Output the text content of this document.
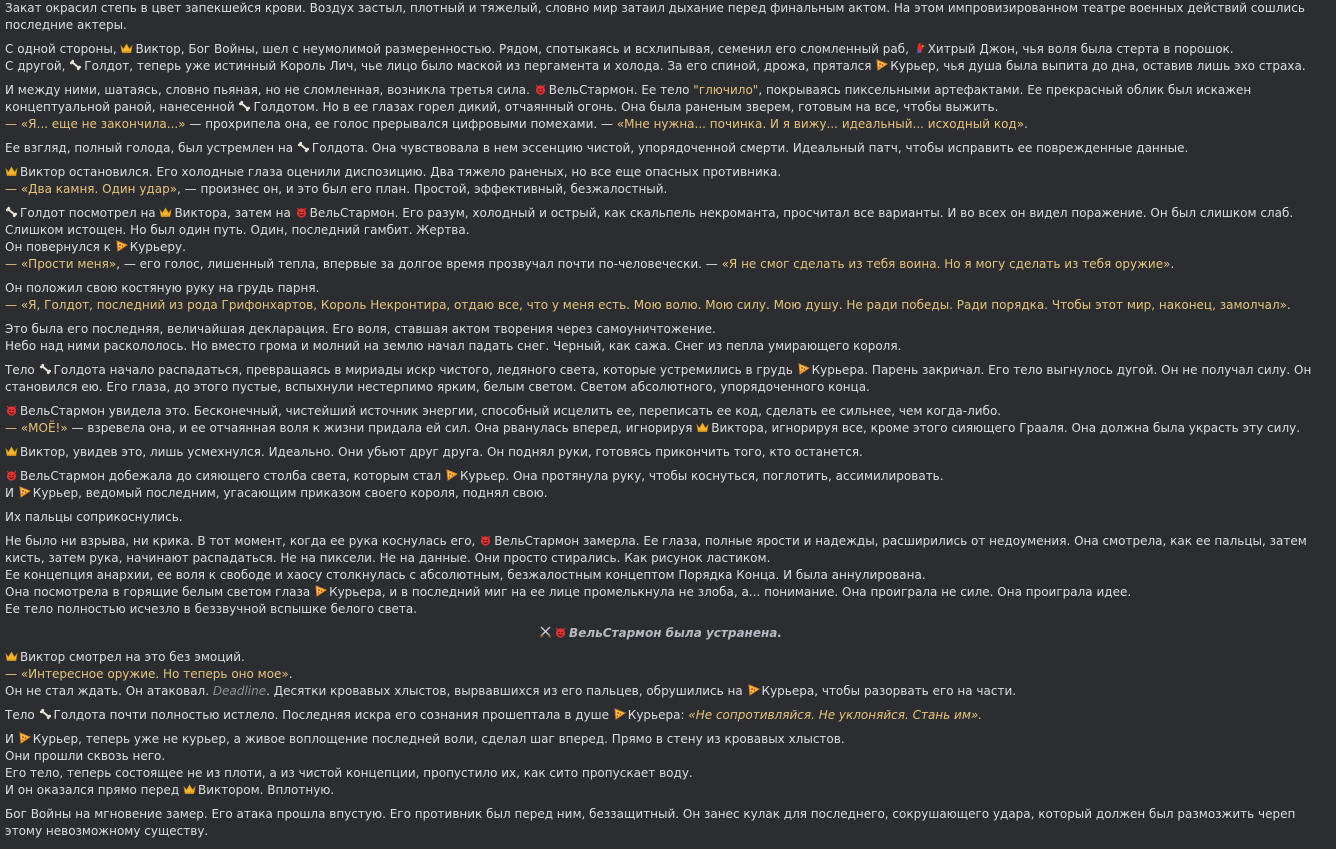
Закат окрасил степь в цвет запекшейся крови. Воздух застыл, плотный и тяжелый, словно мир затаил дыхание перед финальным актом. На этом импровизированном театре военных действий сошлись последние актеры.
С одной стороны,
Виктор, Бог Войны, шел с неумолимой размеренностью. Рядом, спотыкаясь и всхлипывая, семенил его сломленный раб,
Хитрый Джон, чья воля была стерта в порошок.
С другой,
Голдот, теперь уже истинный Король Лич, чье лицо было маской из пергамента и холода. За его спиной, дрожа, прятался
Курьер, чья душа была выпита до дна, оставив лишь эхо страха.
И между ними, шатаясь, словно пьяная, но не сломленная, возникла третья сила.
ВельСтармон. Ее тело "глючило", покрываясь пиксельными артефактами. Ее прекрасный облик был искажен концептуальной раной, нанесенной
Голдотом. Но в ее глазах горел дикий, отчаянный огонь. Она была раненым зверем, готовым на все, чтобы выжить.
— «Я... еще не закончила...» — прохрипела она, ее голос прерывался цифровыми помехами. — «Мне нужна... починка. И я вижу... идеальный... исходный код».
Ее взгляд, полный голода, был устремлен на
Голдота. Она чувствовала в нем эссенцию чистой, упорядоченной смерти. Идеальный патч, чтобы исправить ее поврежденные данные.
Виктор остановился. Его холодные глаза оценили диспозицию. Два тяжело раненых, но все еще опасных противника.
— «Два камня. Один удар», — произнес он, и это был его план. Простой, эффективный, безжалостный.
Голдот посмотрел на
Виктора, затем на
ВельСтармон. Его разум, холодный и острый, как скальпель некроманта, просчитал все варианты. И во всех он видел поражение. Он был слишком слаб. Слишком истощен. Но был один путь. Один, последний гамбит. Жертва.
Он повернулся к
Курьеру.
— «Прости меня», — его голос, лишенный тепла, впервые за долгое время прозвучал почти по-человечески. — «Я не смог сделать из тебя воина. Но я могу сделать из тебя оружие».
Он положил свою костяную руку на грудь парня.
— «Я, Голдот, последний из рода Грифонхартов, Король Некронтира, отдаю все, что у меня есть. Мою волю. Мою силу. Мою душу. Не ради победы. Ради порядка. Чтобы этот мир, наконец, замолчал».
Это была его последняя, величайшая декларация. Его воля, ставшая актом творения через самоуничтожение.
Небо над ними раскололось. Но вместо грома и молний на землю начал падать снег. Черный, как сажа. Снег из пепла умирающего короля.
Тело
Голдота начало распадаться, превращаясь в мириады искр чистого, ледяного света, которые устремились в грудь
Курьера. Парень закричал. Его тело выгнулось дугой. Он не получал силу. Он становился ею. Его глаза, до этого пустые, вспыхнули нестерпимо ярким, белым светом. Светом абсолютного, упорядоченного конца.
ВельСтармон увидела это. Бесконечный, чистейший источник энергии, способный исцелить ее, переписать ее код, сделать ее сильнее, чем когда-либо.
— «МОЁ!» — взревела она, и ее отчаянная воля к жизни придала ей сил. Она рванулась вперед, игнорируя
Виктора, игнорируя все, кроме этого сияющего Грааля. Она должна была украсть эту силу.
Виктор, увидев это, лишь усмехнулся. Идеально. Они убьют друг друга. Он поднял руки, готовясь прикончить того, кто останется.
ВельСтармон добежала до сияющего столба света, которым стал
Курьер. Она протянула руку, чтобы коснуться, поглотить, ассимилировать.
И
Курьер, ведомый последним, угасающим приказом своего короля, поднял свою.
Их пальцы соприкоснулись.
Не было ни взрыва, ни крика. В тот момент, когда ее рука коснулась его,
ВельСтармон замерла. Ее глаза, полные ярости и надежды, расширились от недоумения. Она смотрела, как ее пальцы, затем кисть, затем рука, начинают распадаться. Не на пиксели. Не на данные. Они просто стирались. Как рисунок ластиком.
Ее концепция анархии, ее воля к свободе и хаосу столкнулась с абсолютным, безжалостным концептом Порядка Конца. И была аннулирована.
Она посмотрела в горящие белым светом глаза
Курьера, и в последний миг на ее лице промелькнула не злоба, а... понимание. Она проиграла не силе. Она проиграла идее.
Ее тело полностью исчезло в беззвучной вспышке белого света.
ВельСтармон была устранена.
Виктор смотрел на это без эмоций.
— «Интересное оружие. Но теперь оно мое».
Он не стал ждать. Он атаковал. Deadline. Десятки кровавых хлыстов, вырвавшихся из его пальцев, обрушились на
Курьера, чтобы разорвать его на части.
Тело
Голдота почти полностью истлело. Последняя искра его сознания прошептала в душе
Курьера: «Не сопротивляйся. Не уклоняйся. Стань им».
И
Курьер, теперь уже не курьер, а живое воплощение последней воли, сделал шаг вперед. Прямо в стену из кровавых хлыстов.
Они прошли сквозь него.
Его тело, теперь состоящее не из плоти, а из чистой концепции, пропустило их, как сито пропускает воду.
И он оказался прямо перед
Виктором. Вплотную.
Бог Войны на мгновение замер. Его атака прошла впустую. Его противник был перед ним, беззащитный. Он занес кулак для последнего, сокрушающего удара, который должен был размозжить череп этому невозможному существу.
